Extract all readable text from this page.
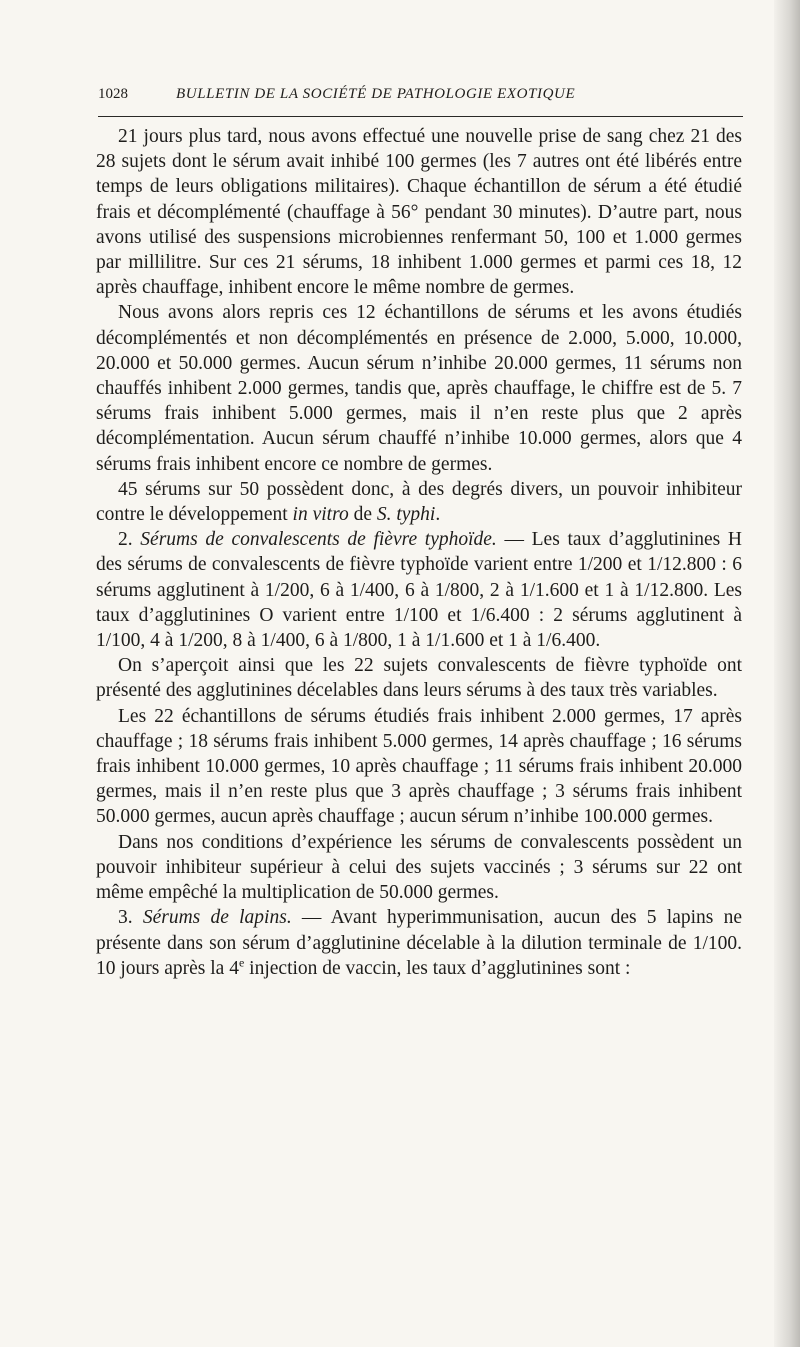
1028	BULLETIN DE LA SOCIÉTÉ DE PATHOLOGIE EXOTIQUE

21 jours plus tard, nous avons effectué une nouvelle prise de sang chez 21 des 28 sujets dont le sérum avait inhibé 100 germes (les 7 autres ont été libérés entre temps de leurs obligations militaires). Chaque échantillon de sérum a été étudié frais et décomplémenté (chauffage à 56° pendant 30 minutes). D’autre part, nous avons utilisé des suspensions microbiennes renfermant 50, 100 et 1.000 germes par millilitre. Sur ces 21 sérums, 18 inhibent 1.000 germes et parmi ces 18, 12 après chauffage, inhibent encore le même nombre de germes.

Nous avons alors repris ces 12 échantillons de sérums et les avons étudiés décomplémentés et non décomplémentés en présence de 2.000, 5.000, 10.000, 20.000 et 50.000 germes. Aucun sérum n’inhibe 20.000 germes, 11 sérums non chauffés inhibent 2.000 germes, tandis que, après chauffage, le chiffre est de 5. 7 sérums frais inhibent 5.000 germes, mais il n’en reste plus que 2 après décomplémentation. Aucun sérum chauffé n’inhibe 10.000 germes, alors que 4 sérums frais inhibent encore ce nombre de germes.

45 sérums sur 50 possèdent donc, à des degrés divers, un pouvoir inhibiteur contre le développement in vitro de S. typhi.

2. Sérums de convalescents de fièvre typhoïde. — Les taux d’agglutinines H des sérums de convalescents de fièvre typhoïde varient entre 1/200 et 1/12.800 : 6 sérums agglutinent à 1/200, 6 à 1/400, 6 à 1/800, 2 à 1/1.600 et 1 à 1/12.800. Les taux d’agglutinines O varient entre 1/100 et 1/6.400 : 2 sérums agglutinent à 1/100, 4 à 1/200, 8 à 1/400, 6 à 1/800, 1 à 1/1.600 et 1 à 1/6.400.

On s’aperçoit ainsi que les 22 sujets convalescents de fièvre typhoïde ont présenté des agglutinines décelables dans leurs sérums à des taux très variables.

Les 22 échantillons de sérums étudiés frais inhibent 2.000 germes, 17 après chauffage ; 18 sérums frais inhibent 5.000 germes, 14 après chauffage ; 16 sérums frais inhibent 10.000 germes, 10 après chauffage ; 11 sérums frais inhibent 20.000 germes, mais il n’en reste plus que 3 après chauffage ; 3 sérums frais inhibent 50.000 germes, aucun après chauffage ; aucun sérum n’inhibe 100.000 germes.

Dans nos conditions d’expérience les sérums de convalescents possèdent un pouvoir inhibiteur supérieur à celui des sujets vaccinés ; 3 sérums sur 22 ont même empêché la multiplication de 50.000 germes.

3. Sérums de lapins. — Avant hyperimmunisation, aucun des 5 lapins ne présente dans son sérum d’agglutinine décelable à la dilution terminale de 1/100. 10 jours après la 4e injection de vaccin, les taux d’agglutinines sont :
